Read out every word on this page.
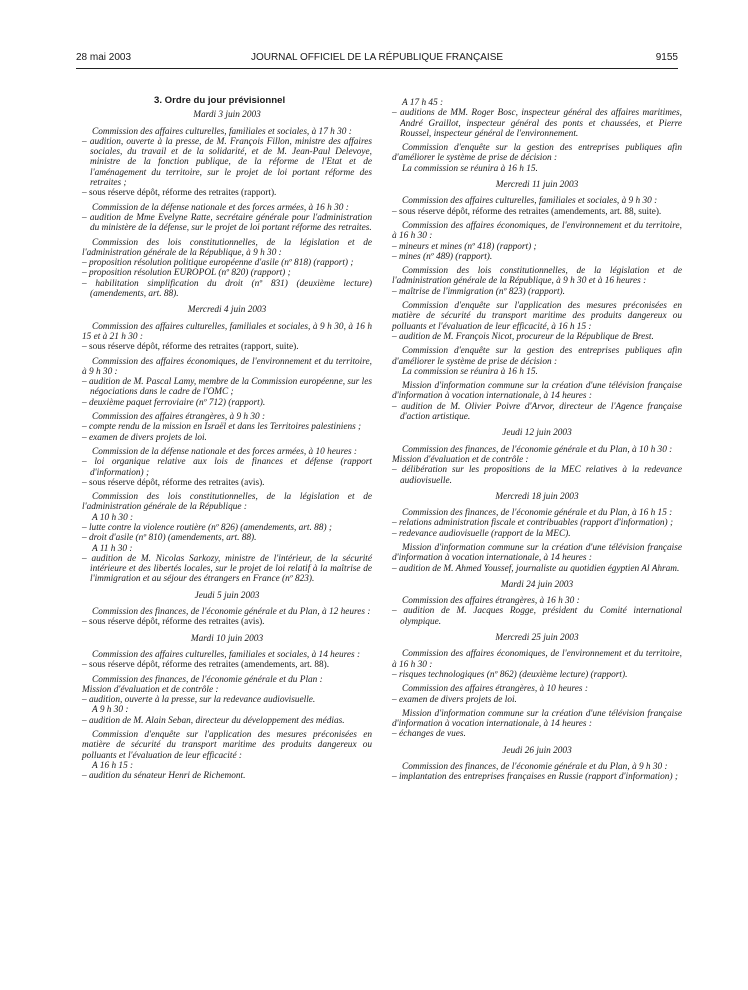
28 mai 2003	JOURNAL OFFICIEL DE LA RÉPUBLIQUE FRANÇAISE	9155

3. Ordre du jour prévisionnel

Mardi 3 juin 2003

Commission des affaires culturelles, familiales et sociales, à 17 h 30 :

– audition, ouverte à la presse, de M. François Fillon, ministre des affaires sociales, du travail et de la solidarité, et de M. Jean-Paul Delevoye, ministre de la fonction publique, de la réforme de l'Etat et de l'aménagement du territoire, sur le projet de loi portant réforme des retraites ;

– sous réserve dépôt, réforme des retraites (rapport).

Commission de la défense nationale et des forces armées, à 16 h 30 :

– audition de Mme Evelyne Ratte, secrétaire générale pour l'administration du ministère de la défense, sur le projet de loi portant réforme des retraites.

Commission des lois constitutionnelles, de la législation et de l'administration générale de la République, à 9 h 30 :

– proposition résolution politique européenne d'asile (nº 818) (rapport) ;

– proposition résolution EUROPOL (nº 820) (rapport) ;

– habilitation simplification du droit (nº 831) (deuxième lecture) (amendements, art. 88).

Mercredi 4 juin 2003

Commission des affaires culturelles, familiales et sociales, à 9 h 30, à 16 h 15 et à 21 h 30 :

– sous réserve dépôt, réforme des retraites (rapport, suite).

Commission des affaires économiques, de l'environnement et du territoire, à 9 h 30 :

– audition de M. Pascal Lamy, membre de la Commission européenne, sur les négociations dans le cadre de l'OMC ;

– deuxième paquet ferroviaire (nº 712) (rapport).

Commission des affaires étrangères, à 9 h 30 :

– compte rendu de la mission en Israël et dans les Territoires palestiniens ;

– examen de divers projets de loi.

Commission de la défense nationale et des forces armées, à 10 heures :

– loi organique relative aux lois de finances et défense (rapport d'information) ;

– sous réserve dépôt, réforme des retraites (avis).

Commission des lois constitutionnelles, de la législation et de l'administration générale de la République :

A 10 h 30 :

– lutte contre la violence routière (nº 826) (amendements, art. 88) ;

– droit d'asile (nº 810) (amendements, art. 88).

A 11 h 30 :

– audition de M. Nicolas Sarkozy, ministre de l'intérieur, de la sécurité intérieure et des libertés locales, sur le projet de loi relatif à la maîtrise de l'immigration et au séjour des étrangers en France (nº 823).

Jeudi 5 juin 2003

Commission des finances, de l'économie générale et du Plan, à 12 heures :

– sous réserve dépôt, réforme des retraites (avis).

Mardi 10 juin 2003

Commission des affaires culturelles, familiales et sociales, à 14 heures :

– sous réserve dépôt, réforme des retraites (amendements, art. 88).

Commission des finances, de l'économie générale et du Plan :

Mission d'évaluation et de contrôle :

– audition, ouverte à la presse, sur la redevance audiovisuelle.

A 9 h 30 :

– audition de M. Alain Seban, directeur du développement des médias.

Commission d'enquête sur l'application des mesures préconisées en matière de sécurité du transport maritime des produits dangereux ou polluants et l'évaluation de leur efficacité :

A 16 h 15 :

– audition du sénateur Henri de Richemont.

A 17 h 45 :

– auditions de MM. Roger Bosc, inspecteur général des affaires maritimes, André Graillot, inspecteur général des ponts et chaussées, et Pierre Roussel, inspecteur général de l'environnement.

Commission d'enquête sur la gestion des entreprises publiques afin d'améliorer le système de prise de décision :

La commission se réunira à 16 h 15.

Mercredi 11 juin 2003

Commission des affaires culturelles, familiales et sociales, à 9 h 30 :

– sous réserve dépôt, réforme des retraites (amendements, art. 88, suite).

Commission des affaires économiques, de l'environnement et du territoire, à 16 h 30 :

– mineurs et mines (nº 418) (rapport) ;

– mines (nº 489) (rapport).

Commission des lois constitutionnelles, de la législation et de l'administration générale de la République, à 9 h 30 et à 16 heures :

– maîtrise de l'immigration (nº 823) (rapport).

Commission d'enquête sur l'application des mesures préconisées en matière de sécurité du transport maritime des produits dangereux ou polluants et l'évaluation de leur efficacité, à 16 h 15 :

– audition de M. François Nicot, procureur de la République de Brest.

Commission d'enquête sur la gestion des entreprises publiques afin d'améliorer le système de prise de décision :

La commission se réunira à 16 h 15.

Mission d'information commune sur la création d'une télévision française d'information à vocation internationale, à 14 heures :

– audition de M. Olivier Poivre d'Arvor, directeur de l'Agence française d'action artistique.

Jeudi 12 juin 2003

Commission des finances, de l'économie générale et du Plan, à 10 h 30 :

Mission d'évaluation et de contrôle :

– délibération sur les propositions de la MEC relatives à la redevance audiovisuelle.

Mercredi 18 juin 2003

Commission des finances, de l'économie générale et du Plan, à 16 h 15 :

– relations administration fiscale et contribuables (rapport d'information) ;

– redevance audiovisuelle (rapport de la MEC).

Mission d'information commune sur la création d'une télévision française d'information à vocation internationale, à 14 heures :

– audition de M. Ahmed Youssef, journaliste au quotidien égyptien Al Ahram.

Mardi 24 juin 2003

Commission des affaires étrangères, à 16 h 30 :

– audition de M. Jacques Rogge, président du Comité international olympique.

Mercredi 25 juin 2003

Commission des affaires économiques, de l'environnement et du territoire, à 16 h 30 :

– risques technologiques (nº 862) (deuxième lecture) (rapport).

Commission des affaires étrangères, à 10 heures :

– examen de divers projets de loi.

Mission d'information commune sur la création d'une télévision française d'information à vocation internationale, à 14 heures :

– échanges de vues.

Jeudi 26 juin 2003

Commission des finances, de l'économie générale et du Plan, à 9 h 30 :

– implantation des entreprises françaises en Russie (rapport d'information) ;
